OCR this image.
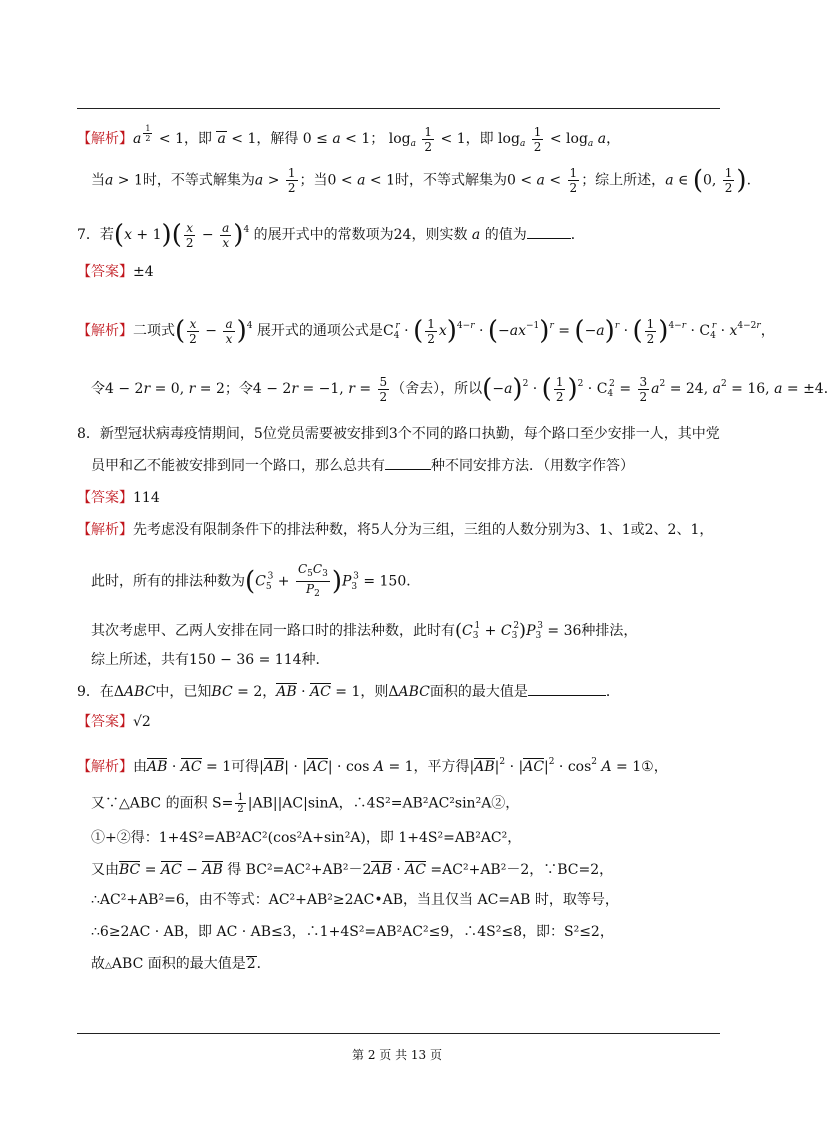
【解析】a $^{\frac{1}{2}}$ < 1，即 a < 1，解得 0 ≤ a < 1； $\log_a \frac{1}{2} < 1$，即 $\log_a \frac{1}{2} < \log_a a$，
当a > 1时，不等式解集为$a > \frac{1}{2}$ ；当0 < a < 1时，不等式解集为$0 < a < \frac{1}{2}$ ；综上所述，a ∈ (0, $\frac{1}{2}$ ).
7．若$(x + 1)( \frac{x}{2} - \frac{a}{x} )^4$ 的展开式中的常数项为24，则实数 a 的值为	．
【答案】±4
【解析】二项式( $\frac{x}{2} - \frac{a}{x} )^4$ 展开式的通项公式是$C_4^r$ · ( $\frac{1}{2} x)^{4-r} \cdot (-ax^{-1})^r = (-a)^r$ · ( $\frac{1}{2} )^{4-r} \cdot C_4^r \cdot x^{4-2r}$，
令4 − 2r = 0, r = 2；令4 − 2r = −1, $r = \frac{5}{2}$ （舍去），所以$(-a)^2$ · ( $\frac{1}{2} )^2 \cdot C_4^2 = \frac{3}{2} a^2 = 24$, $a^2 = 16$, a = ±4．
8．新型冠状病毒疫情期间，5位党员需要被安排到3个不同的路口执勤，每个路口至少安排一人，其中党
员甲和乙不能被安排到同一个路口，那么总共有	种不同安排方法．（用数字作答）
【答案】114
【解析】先考虑没有限制条件下的排法种数，将5人分为三组，三组的人数分别为3、1、1或2、2、1，
此时，所有的排法种数为$(C_5^3 + \frac{C_5C_3}{P_2} )P_3^3 = 150$．
其次考虑甲、乙两人安排在同一路口时的排法种数，此时有$(C_3^1 + C_3^2)P_3^3 = 36$种排法，
综上所述，共有150 − 36 = 114种．
9．在ΔABC中，已知BC = 2，AB · AC = 1，则ΔABC面积的最大值是	．
【答案】√2
【解析】由AB · AC = 1可得|AB| · |AC| · cos A = 1，平方得$|AB|^2 \cdot |AC|^2 \cdot \cos^2 A$ = 1①，
又∵△ABC 的面积 $S= \frac{1}{2} |AB||AC|\sin A$，∴4S²=AB²AC²sin²A②，
①+②得：1+4S²=AB²AC²(cos²A+sin²A)，即 1+4S²=AB²AC²，
又由BC = AC − AB 得 BC²=AC²+AB²－2AB · AC =AC²+AB²－2，∵BC=2，
∴AC²+AB²=6，由不等式：AC²+AB²≥2AC•AB，当且仅当 AC=AB 时，取等号，
∴6≥2AC · AB，即 AC · AB≤3，∴1+4S²=AB²AC²≤9，∴4S²≤8，即：S²≤2，
故△ABC 面积的最大值是2．
第 2 页 共 13 页
